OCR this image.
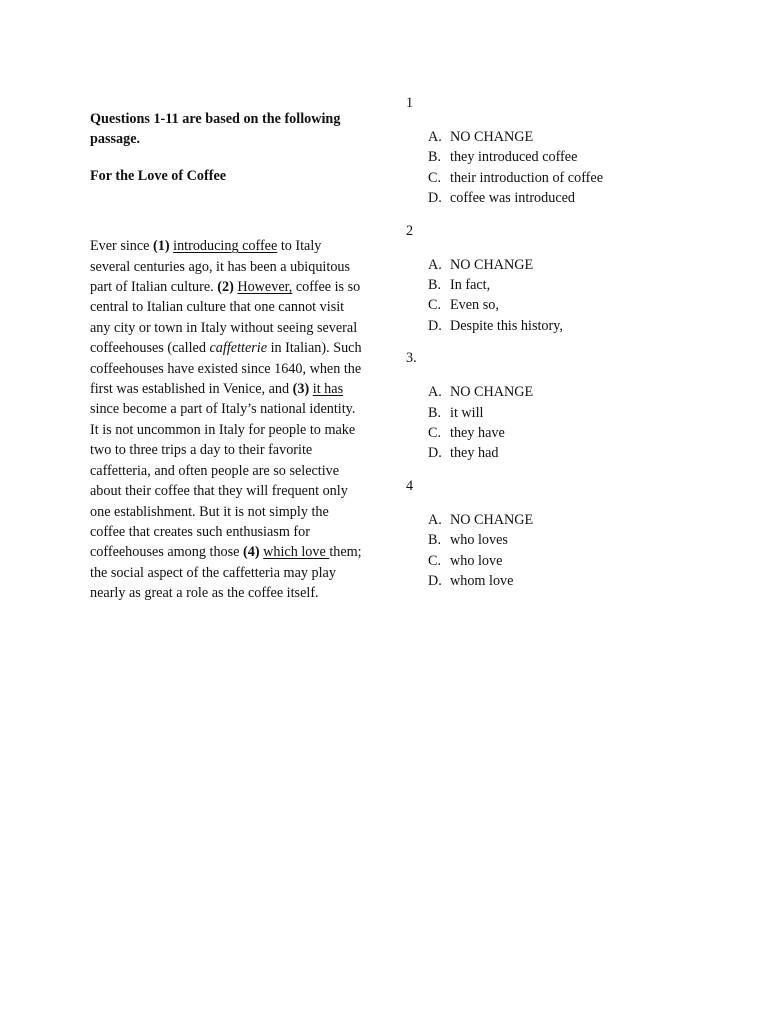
Questions 1-11 are based on the following passage.

For the Love of Coffee

Ever since (1) introducing coffee to Italy several centuries ago, it has been a ubiquitous part of Italian culture. (2) However, coffee is so central to Italian culture that one cannot visit any city or town in Italy without seeing several coffeehouses (called caffetterie in Italian). Such coffeehouses have existed since 1640, when the first was established in Venice, and (3) it has since become a part of Italy’s national identity. It is not uncommon in Italy for people to make two to three trips a day to their favorite caffetteria, and often people are so selective about their coffee that they will frequent only one establishment. But it is not simply the coffee that creates such enthusiasm for coffeehouses among those (4) which love them; the social aspect of the caffetteria may play nearly as great a role as the coffee itself.

1

A. NO CHANGE
B. they introduced coffee
C. their introduction of coffee
D. coffee was introduced

2

A. NO CHANGE
B. In fact,
C. Even so,
D. Despite this history,

3.

A. NO CHANGE
B. it will
C. they have
D. they had

4

A. NO CHANGE
B. who loves
C. who love
D. whom love
